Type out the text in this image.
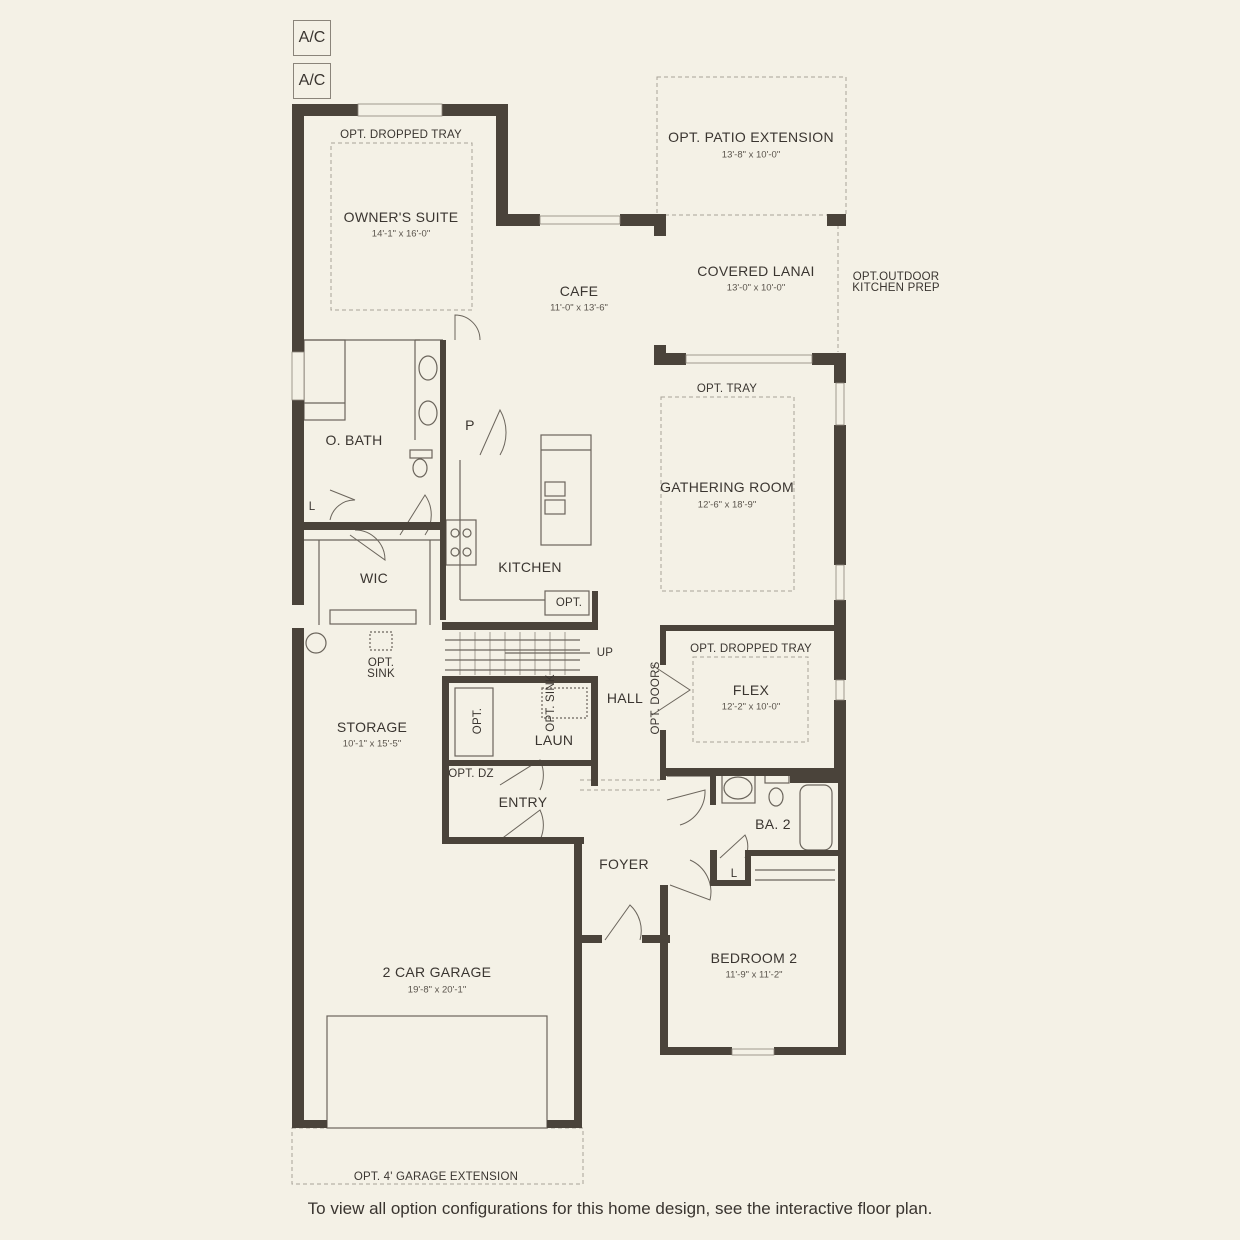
A/C
A/C
OPT. DROPPED TRAY
OWNER'S SUITE
14'-1" x 16'-0"
OPT. PATIO EXTENSION
13'-8" x 10'-0"
CAFE
11'-0" x 13'-6"
COVERED LANAI
13'-0" x 10'-0"
OPT.OUTDOOR
KITCHEN PREP
OPT. TRAY
GATHERING ROOM
12'-6" x 18'-9"
O. BATH
P
L
WIC
KITCHEN
OPT.
UP
OPT.
SINK
STORAGE
10'-1" x 15'-5"
2 CAR GARAGE
19'-8" x 20'-1"
OPT. 4' GARAGE EXTENSION
OPT.	OPT. SINK
LAUN
OPT. DZ
ENTRY
HALL OPT. DOORS
OPT. DROPPED TRAY
FLEX
12'-2" x 10'-0"
FOYER
BA. 2
L
BEDROOM 2
11'-9" x 11'-2"
To view all option configurations for this home design, see the interactive floor plan.
